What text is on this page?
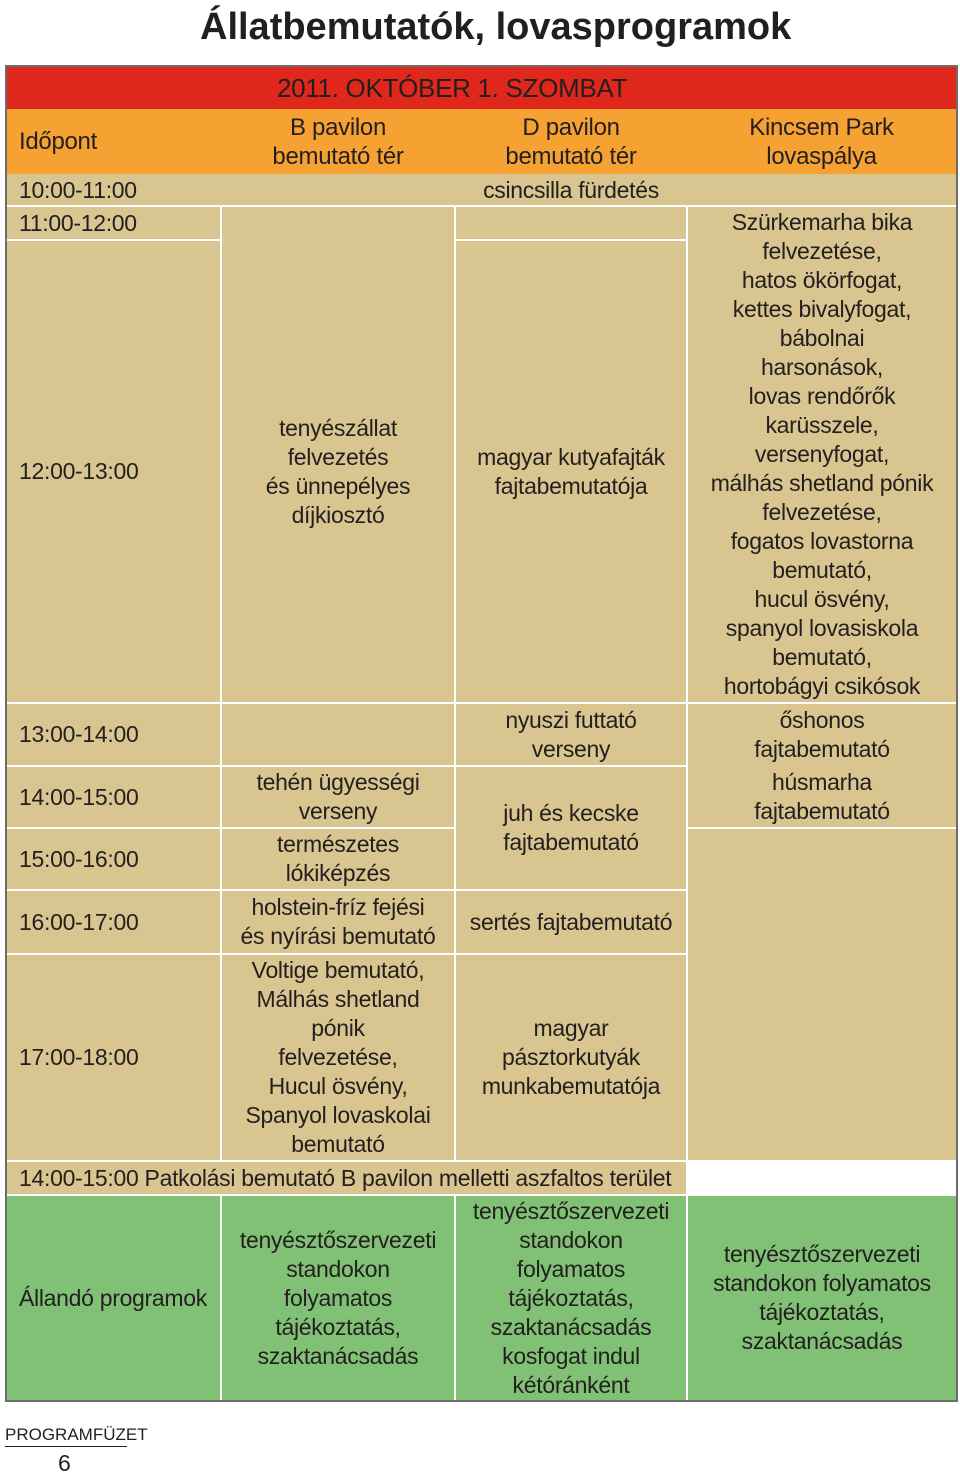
Állatbemutatók, lovasprogramok
2011. OKTÓBER 1. SZOMBAT
Időpont
B pavilon
bemutató tér
D pavilon
bemutató tér
Kincsem Park
lovaspálya
10:00-11:00
11:00-12:00
12:00-13:00
13:00-14:00
14:00-15:00
15:00-16:00
16:00-17:00
17:00-18:00
csincsilla fürdetés
tenyészállat
felvezetés
és ünnepélyes
díjkiosztó
tehén ügyességi
verseny
természetes
lókiképzés
holstein-fríz fejési
és nyírási bemutató
Voltige bemutató,
Málhás shetland
pónik
felvezetése,
Hucul ösvény,
Spanyol lovaskolai
bemutató
magyar kutyafajták
fajtabemutatója
nyuszi futtató
verseny
juh és kecske
fajtabemutató
sertés fajtabemutató
magyar
pásztorkutyák
munkabemutatója
Szürkemarha bika
felvezetése,
hatos ökörfogat,
kettes bivalyfogat,
bábolnai
harsonások,
lovas rendőrők
karüsszele,
versenyfogat,
málhás shetland pónik
felvezetése,
fogatos lovastorna
bemutató,
hucul ösvény,
spanyol lovasiskola
bemutató,
hortobágyi csikósok
őshonos
fajtabemutató
húsmarha
fajtabemutató
14:00-15:00 Patkolási bemutató B pavilon melletti aszfaltos terület
Állandó programok
tenyésztőszervezeti
standokon
folyamatos
tájékoztatás,
szaktanácsadás
tenyésztőszervezeti
standokon
folyamatos
tájékoztatás,
szaktanácsadás
kosfogat indul
kétóránként
tenyésztőszervezeti
standokon folyamatos
tájékoztatás,
szaktanácsadás
PROGRAMFÜZET
6
